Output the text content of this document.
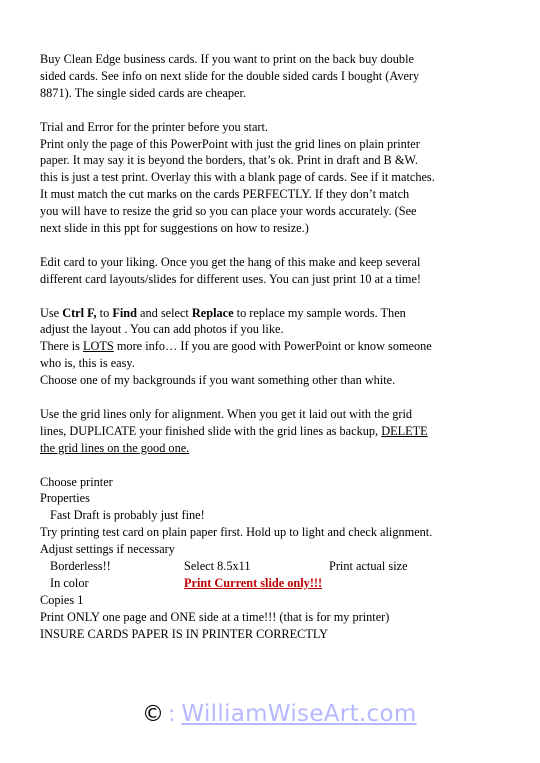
Buy Clean Edge business cards. If you want to print on the back buy double
sided cards. See info on next slide for the double sided cards I bought (Avery
8871). The single sided cards are cheaper.
Trial and Error for the printer before you start.
Print only the page of this PowerPoint with just the grid lines on plain printer
paper. It may say it is beyond the borders, that’s ok. Print in draft and B &W.
this is just a test print. Overlay this with a blank page of cards. See if it matches.
It must match the cut marks on the cards PERFECTLY. If they don’t match
you will have to resize the grid so you can place your words accurately. (See
next slide in this ppt for suggestions on how to resize.)
Edit card to your liking. Once you get the hang of this make and keep several
different card layouts/slides for different uses. You can just print 10 at a time!
Use Ctrl F, to Find and select Replace to replace my sample words. Then
adjust the layout . You can add photos if you like.
There is LOTS more info… If you are good with PowerPoint or know someone
who is, this is easy.
Choose one of my backgrounds if you want something other than white.
Use the grid lines only for alignment. When you get it laid out with the grid
lines, DUPLICATE your finished slide with the grid lines as backup, DELETE
the grid lines on the good one.
Choose printer
Properties
Fast Draft is probably just fine!
Try printing test card on plain paper first. Hold up to light and check alignment.
Adjust settings if necessary
Borderless!!	Select 8.5x11	Print actual size
In color	Print Current slide only!!!
Copies 1
Print ONLY one page and ONE side at a time!!! (that is for my printer)
INSURE CARDS PAPER IS IN PRINTER CORRECTLY
© : WilliamWiseArt.com
